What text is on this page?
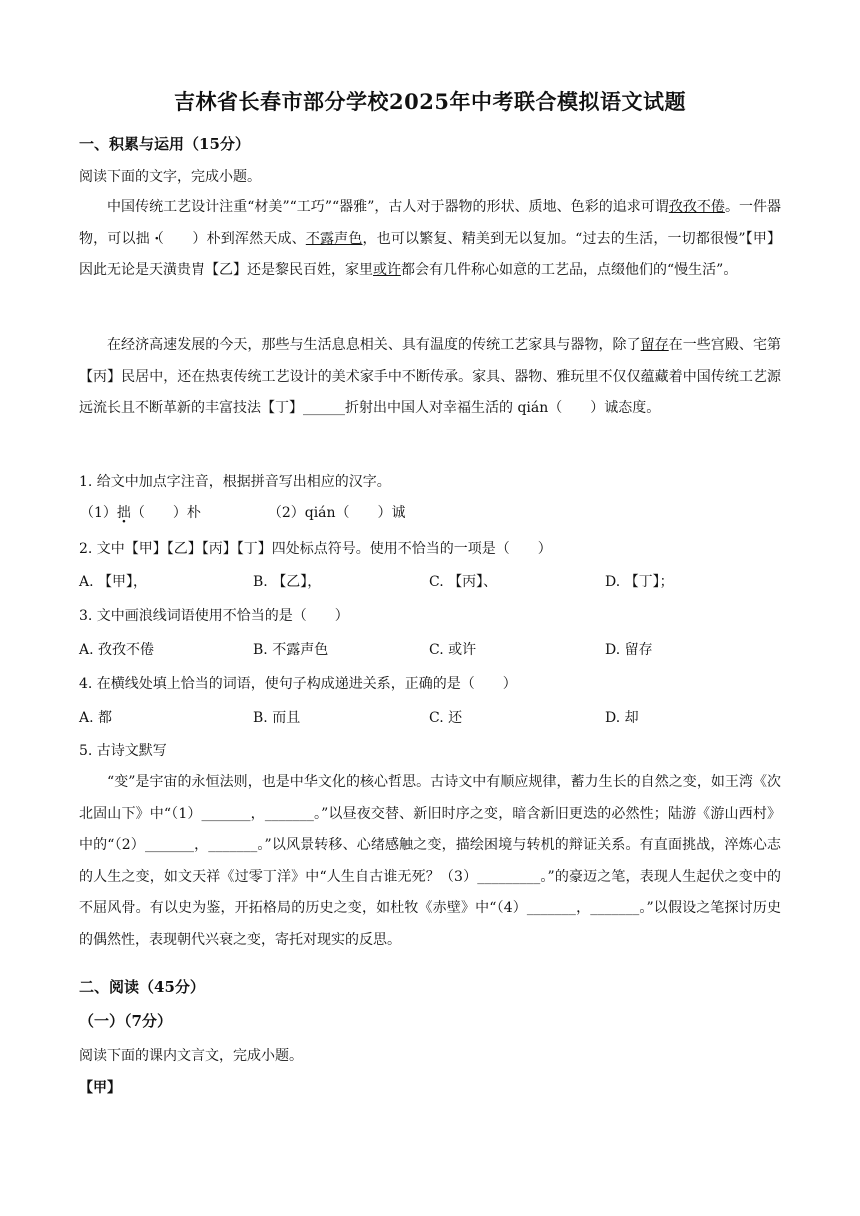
吉林省长春市部分学校2025年中考联合模拟语文试题
一、积累与运用（15分）
阅读下面的文字，完成小题。
中国传统工艺设计注重“材美”“工巧”“器雅”，古人对于器物的形状、质地、色彩的追求可谓孜孜不倦。一件器物，可以拙 ·（　　）朴到浑然天成、不露声色，也可以繁复、精美到无以复加。“过去的生活，一切都很慢”【甲】因此无论是天潢贵胄【乙】还是黎民百姓，家里或许都会有几件称心如意的工艺品，点缀他们的“慢生活”。
在经济高速发展的今天，那些与生活息息相关、具有温度的传统工艺家具与器物，除了留存在一些宫殿、宅第【丙】民居中，还在热衷传统工艺设计的美术家手中不断传承。家具、器物、雅玩里不仅仅蕴藏着中国传统工艺源远流长且不断革新的丰富技法【丁】______折射出中国人对幸福生活的 qián（　　）诚态度。
1. 给文中加点字注音，根据拼音写出相应的汉字。
（1）拙（　　）朴	（2）qián（　　）诚
2. 文中【甲】【乙】【丙】【丁】四处标点符号。使用不恰当的一项是（　　）
A. 【甲】，	B. 【乙】，	C. 【丙】、	D. 【丁】；
3. 文中画浪线词语使用不恰当的是（　　）
A. 孜孜不倦	B. 不露声色	C. 或许	D. 留存
4. 在横线处填上恰当的词语，使句子构成递进关系，正确的是（　　）
A. 都	B. 而且	C. 还	D. 却
5. 古诗文默写
“变”是宇宙的永恒法则，也是中华文化的核心哲思。古诗文中有顺应规律，蓄力生长的自然之变，如王湾《次北固山下》中“（1）_______，_______。”以昼夜交替、新旧时序之变，暗含新旧更迭的必然性；陆游《游山西村》中的“（2）_______，_______。”以风景转移、心绪感触之变，描绘困境与转机的辩证关系。有直面挑战，淬炼心志的人生之变，如文天祥《过零丁洋》中“人生自古谁无死？（3）_________。”的豪迈之笔，表现人生起伏之变中的不屈风骨。有以史为鉴，开拓格局的历史之变，如杜牧《赤壁》中“（4）_______，_______。”以假设之笔探讨历史的偶然性，表现朝代兴衰之变，寄托对现实的反思。
二、阅读（45分）
（一）（7分）
阅读下面的课内文言文，完成小题。
【甲】
